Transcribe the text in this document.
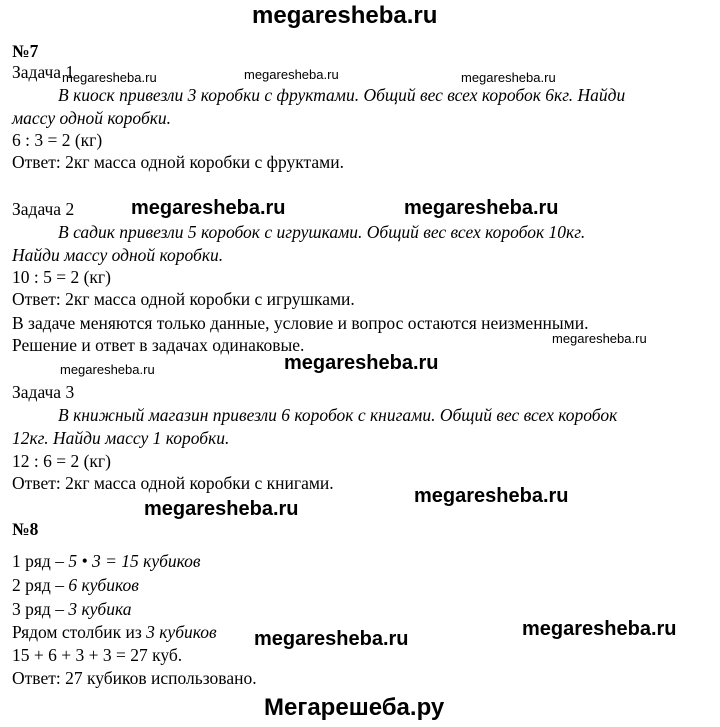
megaresheba.ru
№7
Задача 1
В киоск привезли 3 коробки с фруктами. Общий вес всех коробок 6кг. Найди
массу одной коробки.
6 : 3 = 2 (кг)
Ответ: 2кг масса одной коробки с фруктами.
Задача 2
В садик привезли 5 коробок с игрушками. Общий вес всех коробок 10кг.
Найди массу одной коробки.
10 : 5 = 2 (кг)
Ответ: 2кг масса одной коробки с игрушками.
В задаче меняются только данные, условие и вопрос остаются неизменными.
Решение и ответ в задачах одинаковые.
Задача 3
В книжный магазин привезли 6 коробок с книгами. Общий вес всех коробок
12кг. Найди массу 1 коробки.
12 : 6 = 2 (кг)
Ответ: 2кг масса одной коробки с книгами.
№8
1 ряд – 5 • 3 = 15 кубиков
2 ряд – 6 кубиков
3 ряд – 3 кубика
Рядом столбик из 3 кубиков
15 + 6 + 3 + 3 = 27 куб.
Ответ: 27 кубиков использовано.
megaresheba.ru	megaresheba.ru	megaresheba.ru
megaresheba.ru
megaresheba.ru
megaresheba.ru	megaresheba.ru
megaresheba.ru
megaresheba.ru
megaresheba.ru
megaresheba.ru	megaresheba.ru
Мегарешеба.ру
